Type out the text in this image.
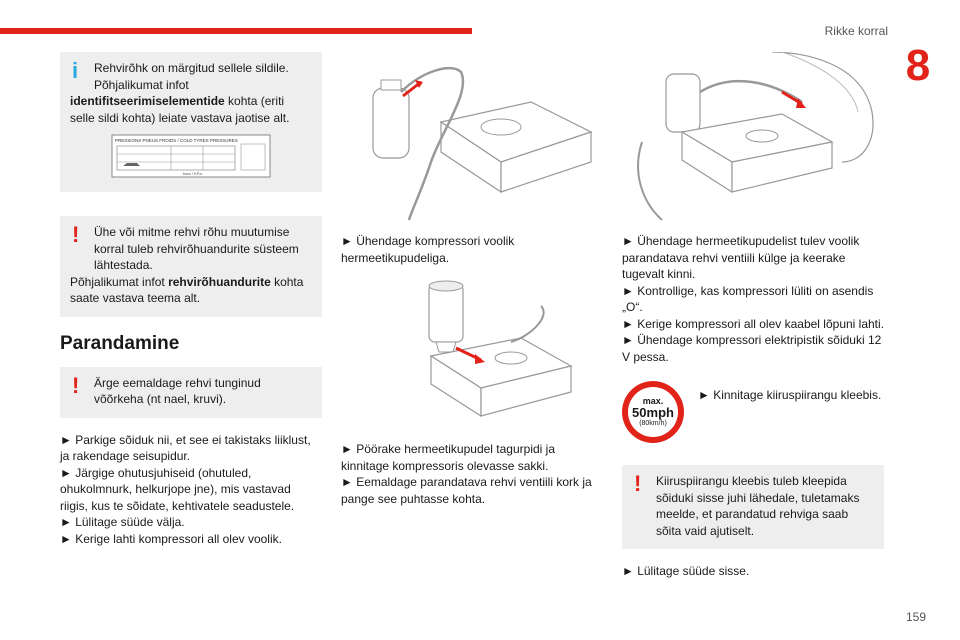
Rikke korral
8
i	Rehvirõhk on märgitud sellele sildile.
Põhjalikumat infot
identifitseerimiselementide kohta (eriti selle sildi kohta) leiate vastava jaotise alt.
PRESSIONS PNEUS FROIDS / COLD TYRES PRESSURES
bars / KPa
!	Ühe või mitme rehvi rõhu muutumise korral tuleb rehvirõhuandurite süsteem lähtestada.
Põhjalikumat infot rehvirõhuandurite kohta saate vastava teema alt.
Parandamine
!	Ärge eemaldage rehvi tunginud võõrkeha (nt nael, kruvi).
► Parkige sõiduk nii, et see ei takistaks liiklust, ja rakendage seisupidur.
► Järgige ohutusjuhiseid (ohutuled, ohukolmnurk, helkurjope jne), mis vastavad riigis, kus te sõidate, kehtivatele seadustele.
► Lülitage süüde välja.
► Kerige lahti kompressori all olev voolik.
► Ühendage kompressori voolik hermeetikupudeliga.
► Pöörake hermeetikupudel tagurpidi ja kinnitage kompressoris olevasse sakki.
► Eemaldage parandatava rehvi ventiili kork ja pange see puhtasse kohta.
► Ühendage hermeetikupudelist tulev voolik parandatava rehvi ventiili külge ja keerake tugevalt kinni.
► Kontrollige, kas kompressori lüliti on asendis „O“.
► Kerige kompressori all olev kaabel lõpuni lahti.
► Ühendage kompressori elektripistik sõiduki 12 V pessa.
max.
50mph
(80km/h)
► Kinnitage kiiruspiirangu kleebis.
!	Kiiruspiirangu kleebis tuleb kleepida sõiduki sisse juhi lähedale, tuletamaks meelde, et parandatud rehviga saab sõita vaid ajutiselt.
► Lülitage süüde sisse.
159
